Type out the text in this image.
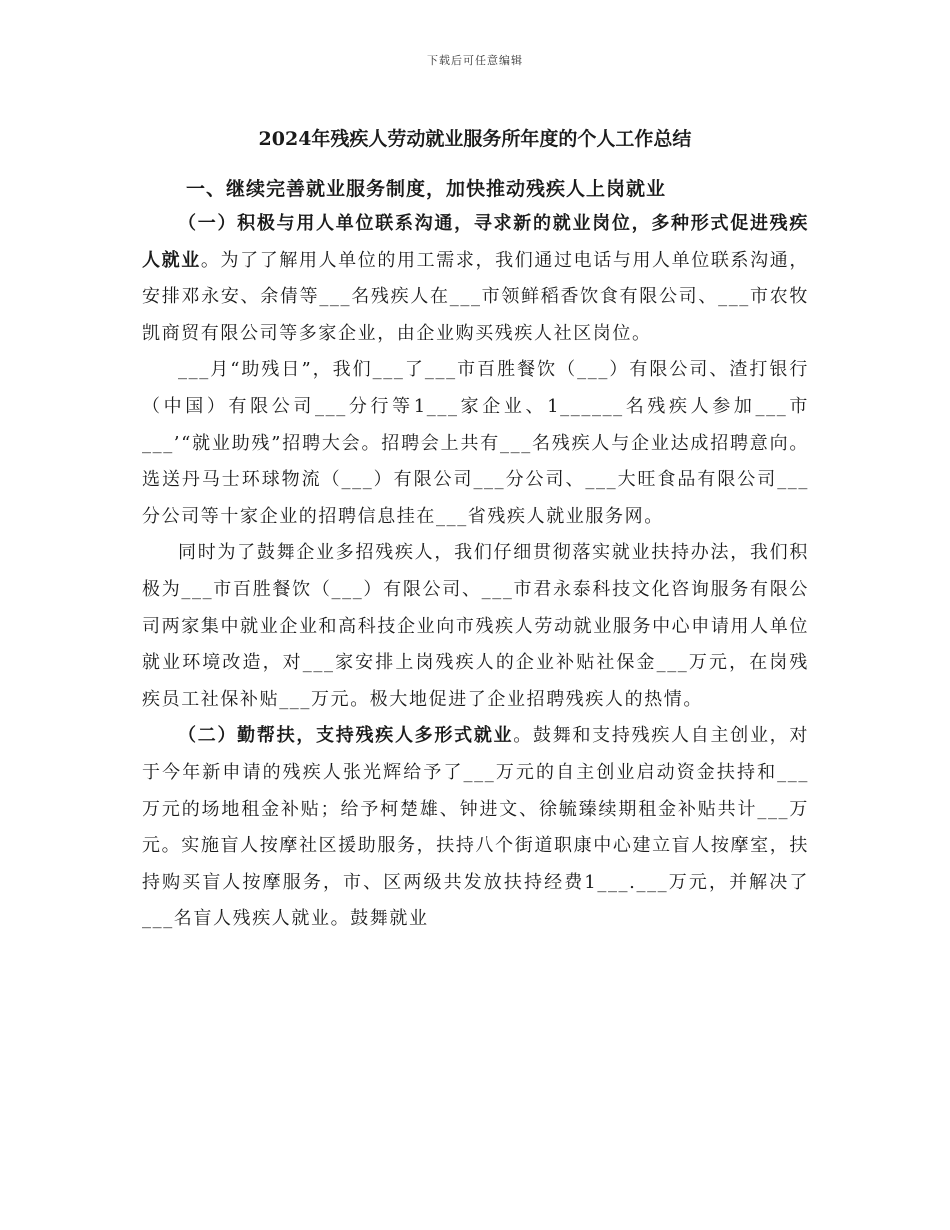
下载后可任意编辑
2024年残疾人劳动就业服务所年度的个人工作总结
一、继续完善就业服务制度，加快推动残疾人上岗就业

（一）积极与用人单位联系沟通，寻求新的就业岗位，多种形式促进残疾人就业。为了了解用人单位的用工需求，我们通过电话与用人单位联系沟通，安排邓永安、余倩等___名残疾人在___市领鲜稻香饮食有限公司、___市农牧凯商贸有限公司等多家企业，由企业购买残疾人社区岗位。

___月“助残日”，我们___了___市百胜餐饮（___）有限公司、渣打银行（中国）有限公司___分行等1___家企业、1______名残疾人参加___市___’“就业助残”招聘大会。招聘会上共有___名残疾人与企业达成招聘意向。选送丹马士环球物流（___）有限公司___分公司、___大旺食品有限公司___分公司等十家企业的招聘信息挂在___省残疾人就业服务网。

同时为了鼓舞企业多招残疾人，我们仔细贯彻落实就业扶持办法，我们积极为___市百胜餐饮（___）有限公司、___市君永泰科技文化咨询服务有限公司两家集中就业企业和高科技企业向市残疾人劳动就业服务中心申请用人单位就业环境改造，对___家安排上岗残疾人的企业补贴社保金___万元，在岗残疾员工社保补贴___万元。极大地促进了企业招聘残疾人的热情。

（二）勤帮扶，支持残疾人多形式就业。鼓舞和支持残疾人自主创业，对于今年新申请的残疾人张光辉给予了___万元的自主创业启动资金扶持和___万元的场地租金补贴；给予柯楚雄、钟进文、徐毓臻续期租金补贴共计___万元。实施盲人按摩社区援助服务，扶持八个街道职康中心建立盲人按摩室，扶持购买盲人按摩服务，市、区两级共发放扶持经费1___.___万元，并解决了___名盲人残疾人就业。鼓舞就业
